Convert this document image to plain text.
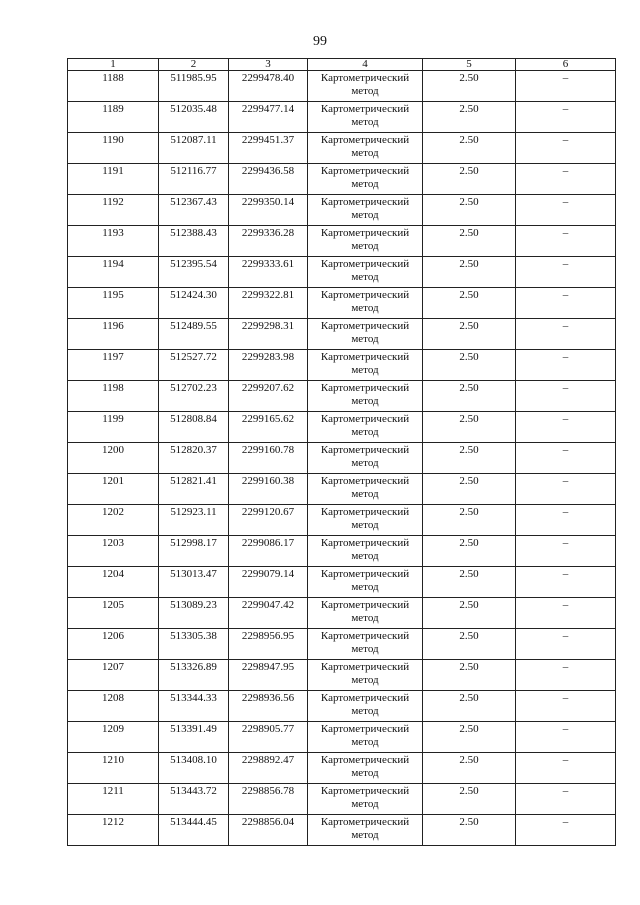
99
1	2	3	4	5	6
1188	511985.95	2299478.40	Картометрический метод	2.50	–
1189	512035.48	2299477.14	Картометрический метод	2.50	–
1190	512087.11	2299451.37	Картометрический метод	2.50	–
1191	512116.77	2299436.58	Картометрический метод	2.50	–
1192	512367.43	2299350.14	Картометрический метод	2.50	–
1193	512388.43	2299336.28	Картометрический метод	2.50	–
1194	512395.54	2299333.61	Картометрический метод	2.50	–
1195	512424.30	2299322.81	Картометрический метод	2.50	–
1196	512489.55	2299298.31	Картометрический метод	2.50	–
1197	512527.72	2299283.98	Картометрический метод	2.50	–
1198	512702.23	2299207.62	Картометрический метод	2.50	–
1199	512808.84	2299165.62	Картометрический метод	2.50	–
1200	512820.37	2299160.78	Картометрический метод	2.50	–
1201	512821.41	2299160.38	Картометрический метод	2.50	–
1202	512923.11	2299120.67	Картометрический метод	2.50	–
1203	512998.17	2299086.17	Картометрический метод	2.50	–
1204	513013.47	2299079.14	Картометрический метод	2.50	–
1205	513089.23	2299047.42	Картометрический метод	2.50	–
1206	513305.38	2298956.95	Картометрический метод	2.50	–
1207	513326.89	2298947.95	Картометрический метод	2.50	–
1208	513344.33	2298936.56	Картометрический метод	2.50	–
1209	513391.49	2298905.77	Картометрический метод	2.50	–
1210	513408.10	2298892.47	Картометрический метод	2.50	–
1211	513443.72	2298856.78	Картометрический метод	2.50	–
1212	513444.45	2298856.04	Картометрический метод	2.50	–
